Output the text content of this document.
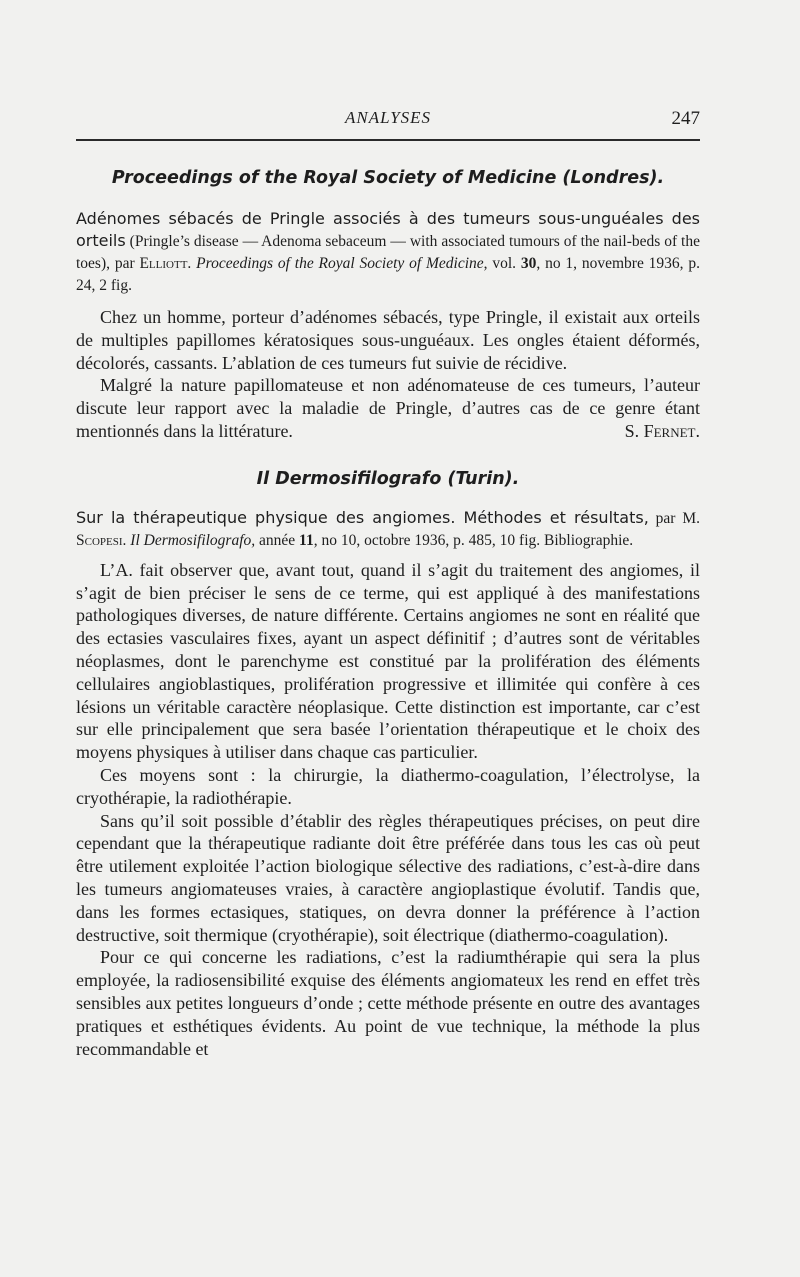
ANALYSES	247
Proceedings of the Royal Society of Medicine (Londres).

Adénomes sébacés de Pringle associés à des tumeurs sous-unguéales des orteils (Pringle’s disease — Adenoma sebaceum — with associated tumours of the nail-beds of the toes), par Elliott. Proceedings of the Royal Society of Medicine, vol. 30, no 1, novembre 1936, p. 24, 2 fig.

Chez un homme, porteur d’adénomes sébacés, type Pringle, il existait aux orteils de multiples papillomes kératosiques sous-unguéaux. Les ongles étaient déformés, décolorés, cassants. L’ablation de ces tumeurs fut suivie de récidive.

Malgré la nature papillomateuse et non adénomateuse de ces tumeurs, l’auteur discute leur rapport avec la maladie de Pringle, d’autres cas de ce genre étant mentionnés dans la littérature.	S. Fernet.

Il Dermosifilografo (Turin).

Sur la thérapeutique physique des angiomes. Méthodes et résultats, par M. Scopesi. Il Dermosifilografo, année 11, no 10, octobre 1936, p. 485, 10 fig. Bibliographie.

L’A. fait observer que, avant tout, quand il s’agit du traitement des angiomes, il s’agit de bien préciser le sens de ce terme, qui est appliqué à des manifestations pathologiques diverses, de nature différente. Certains angiomes ne sont en réalité que des ectasies vasculaires fixes, ayant un aspect définitif ; d’autres sont de véritables néoplasmes, dont le parenchyme est constitué par la prolifération des éléments cellulaires angioblastiques, prolifération progressive et illimitée qui confère à ces lésions un véritable caractère néoplasique. Cette distinction est importante, car c’est sur elle principalement que sera basée l’orientation thérapeutique et le choix des moyens physiques à utiliser dans chaque cas particulier.

Ces moyens sont : la chirurgie, la diathermo-coagulation, l’électrolyse, la cryothérapie, la radiothérapie.

Sans qu’il soit possible d’établir des règles thérapeutiques précises, on peut dire cependant que la thérapeutique radiante doit être préférée dans tous les cas où peut être utilement exploitée l’action biologique sélective des radiations, c’est-à-dire dans les tumeurs angiomateuses vraies, à caractère angioplastique évolutif. Tandis que, dans les formes ectasiques, statiques, on devra donner la préférence à l’action destructive, soit thermique (cryothérapie), soit électrique (diathermo-coagulation).

Pour ce qui concerne les radiations, c’est la radiumthérapie qui sera la plus employée, la radiosensibilité exquise des éléments angiomateux les rend en effet très sensibles aux petites longueurs d’onde ; cette méthode présente en outre des avantages pratiques et esthétiques évidents. Au point de vue technique, la méthode la plus recommandable et
